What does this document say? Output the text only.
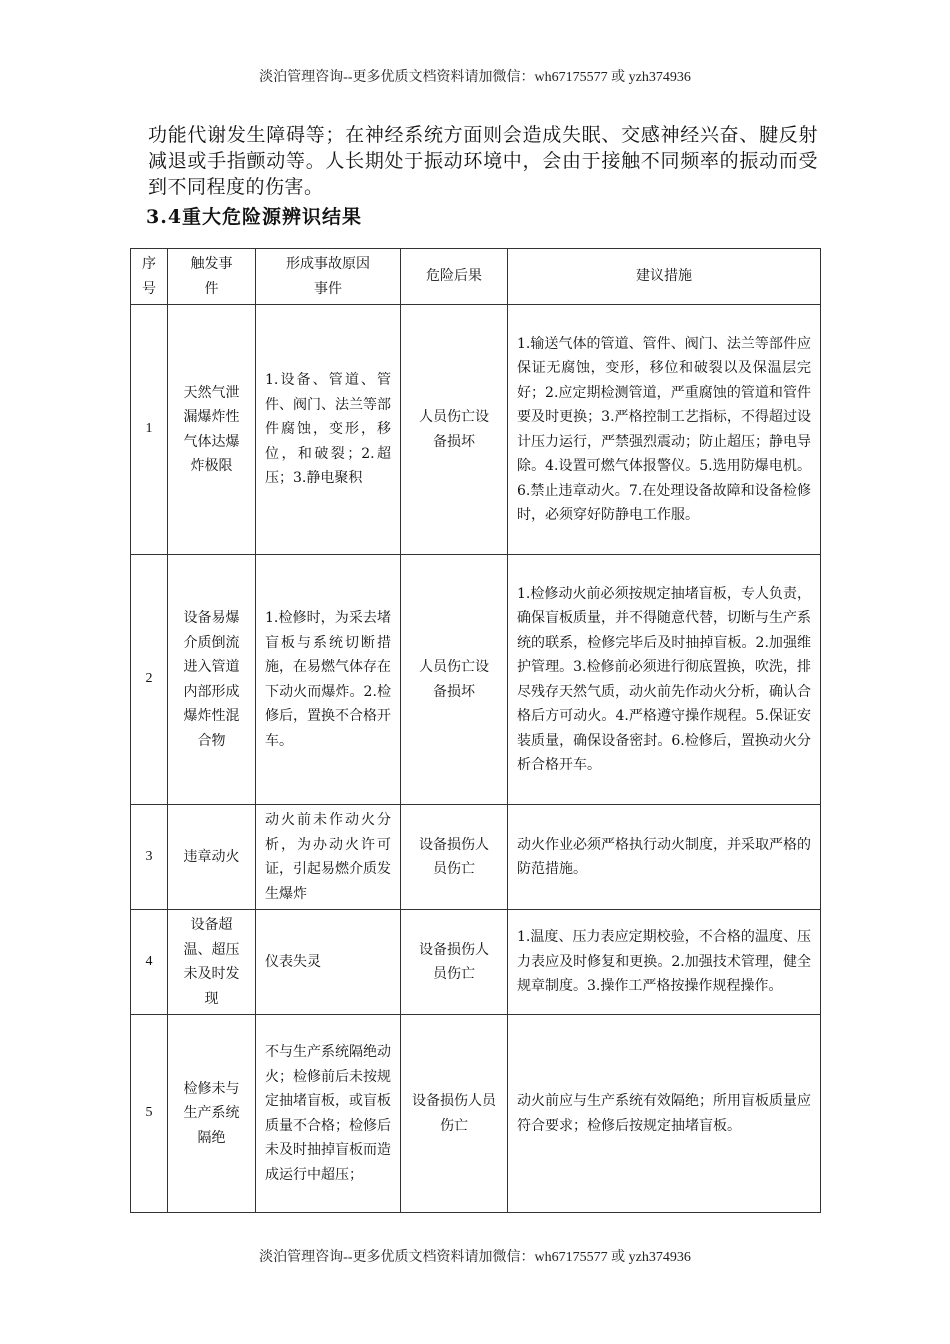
淡泊管理咨询--更多优质文档资料请加微信：wh67175577 或 yzh374936
功能代谢发生障碍等；在神经系统方面则会造成失眠、交感神经兴奋、腱反射减退或手指颤动等。人长期处于振动环境中，会由于接触不同频率的振动而受到不同程度的伤害。
3.4重大危险源辨识结果
序号	触发事件	形成事故原因事件	危险后果	建议措施
1	天然气泄漏爆炸性气体达爆炸极限	1.设备、管道、管件、阀门、法兰等部件腐蚀，变形，移位，和破裂；2.超压；3.静电聚积	人员伤亡设备损坏	1.输送气体的管道、管件、阀门、法兰等部件应保证无腐蚀，变形，移位和破裂以及保温层完好；2.应定期检测管道，严重腐蚀的管道和管件要及时更换；3.严格控制工艺指标，不得超过设计压力运行，严禁强烈震动；防止超压；静电导除。4.设置可燃气体报警仪。5.选用防爆电机。6.禁止违章动火。7.在处理设备故障和设备检修时，必须穿好防静电工作服。
2	设备易爆介质倒流进入管道内部形成爆炸性混合物	1.检修时，为采去堵盲板与系统切断措施，在易燃气体存在下动火而爆炸。2.检修后，置换不合格开车。	人员伤亡设备损坏	1.检修动火前必须按规定抽堵盲板，专人负责，确保盲板质量，并不得随意代替，切断与生产系统的联系，检修完毕后及时抽掉盲板。2.加强维护管理。3.检修前必须进行彻底置换，吹洗，排尽残存天然气质，动火前先作动火分析，确认合格后方可动火。4.严格遵守操作规程。5.保证安装质量，确保设备密封。6.检修后，置换动火分析合格开车。
3	违章动火	动火前未作动火分析，为办动火许可证，引起易燃介质发生爆炸	设备损伤人员伤亡	动火作业必须严格执行动火制度，并采取严格的防范措施。
4	设备超温、超压未及时发现	仪表失灵	设备损伤人员伤亡	1.温度、压力表应定期校验，不合格的温度、压力表应及时修复和更换。2.加强技术管理，健全规章制度。3.操作工严格按操作规程操作。
5	检修未与生产系统隔绝	不与生产系统隔绝动火；检修前后未按规定抽堵盲板，或盲板质量不合格；检修后未及时抽掉盲板而造成运行中超压；	设备损伤人员伤亡	动火前应与生产系统有效隔绝；所用盲板质量应符合要求；检修后按规定抽堵盲板。
淡泊管理咨询--更多优质文档资料请加微信：wh67175577 或 yzh374936
